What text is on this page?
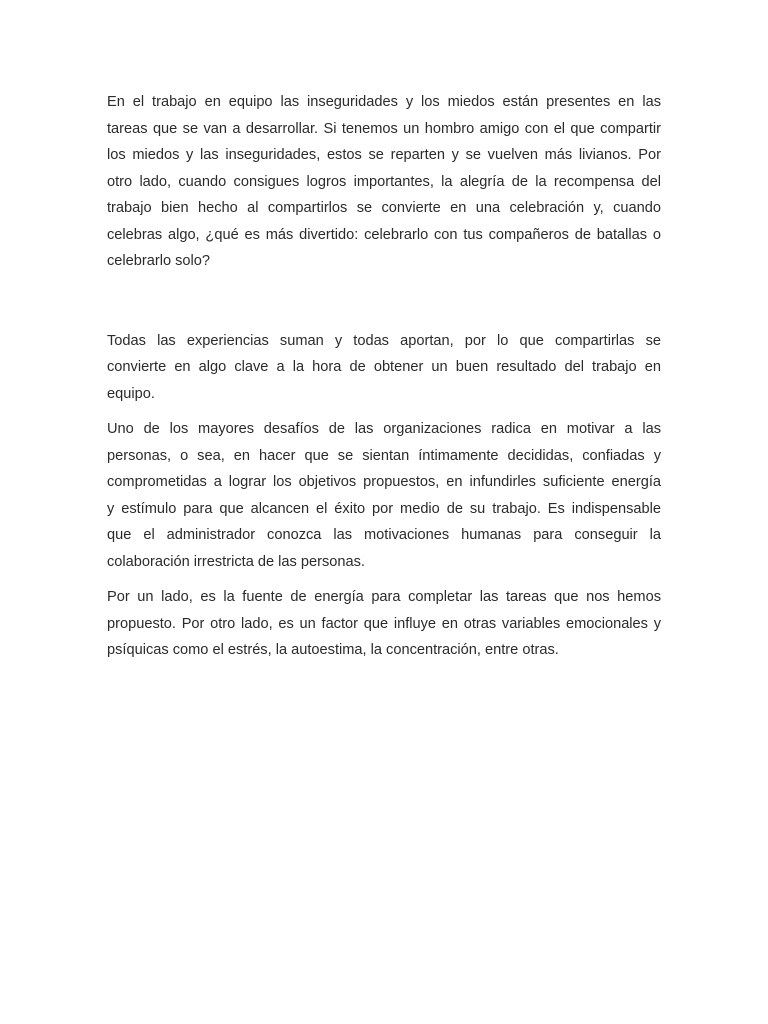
En el trabajo en equipo las inseguridades y los miedos están presentes en las
tareas que se van a desarrollar. Si tenemos un hombro amigo con el que compartir
los miedos y las inseguridades, estos se reparten y se vuelven más livianos. Por
otro lado, cuando consigues logros importantes, la alegría de la recompensa del
trabajo bien hecho al compartirlos se convierte en una celebración y, cuando
celebras algo, ¿qué es más divertido: celebrarlo con tus compañeros de batallas o
celebrarlo solo?

Todas las experiencias suman y todas aportan, por lo que compartirlas se
convierte en algo clave a la hora de obtener un buen resultado del trabajo en
equipo.

Uno de los mayores desafíos de las organizaciones radica en motivar a las
personas, o sea, en hacer que se sientan íntimamente decididas, confiadas y
comprometidas a lograr los objetivos propuestos, en infundirles suficiente energía
y estímulo para que alcancen el éxito por medio de su trabajo. Es indispensable
que el administrador conozca las motivaciones humanas para conseguir la
colaboración irrestricta de las personas.

Por un lado, es la fuente de energía para completar las tareas que nos hemos
propuesto. Por otro lado, es un factor que influye en otras variables emocionales y
psíquicas como el estrés, la autoestima, la concentración, entre otras.
